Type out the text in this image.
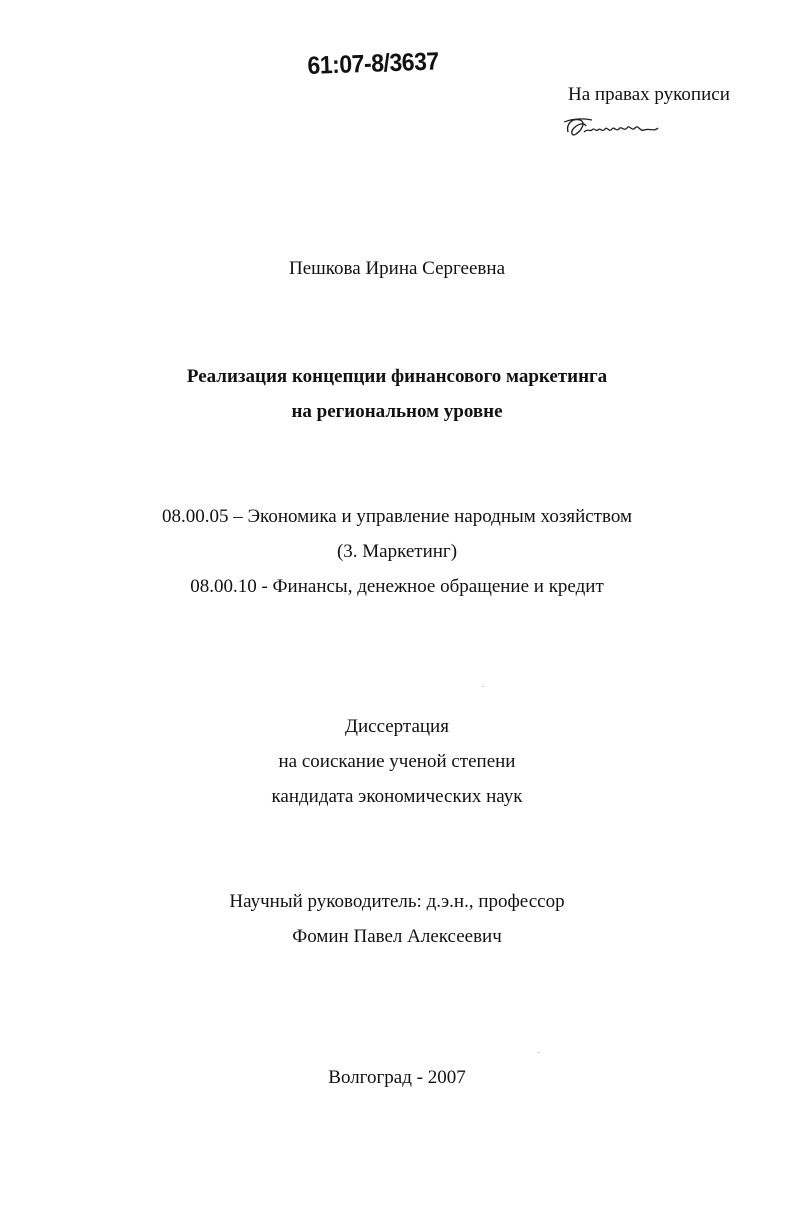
61:07-8/3637
На правах рукописи
Пешкова Ирина Сергеевна
Реализация концепции финансового маркетинга
на региональном уровне
08.00.05 – Экономика и управление народным хозяйством
(3. Маркетинг)
08.00.10 - Финансы, денежное обращение и кредит
Диссертация
на соискание ученой степени
кандидата экономических наук
Научный руководитель: д.э.н., профессор
Фомин Павел Алексеевич
Волгоград - 2007
